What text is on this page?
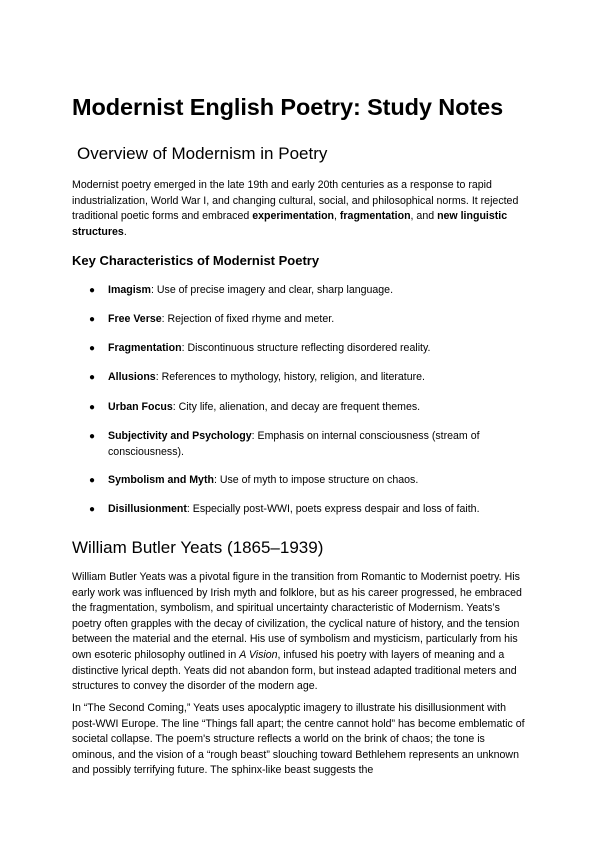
Modernist English Poetry: Study Notes
Overview of Modernism in Poetry

Modernist poetry emerged in the late 19th and early 20th centuries as a response to rapid industrialization, World War I, and changing cultural, social, and philosophical norms. It rejected traditional poetic forms and embraced experimentation, fragmentation, and new linguistic structures.

Key Characteristics of Modernist Poetry

● Imagism: Use of precise imagery and clear, sharp language.

● Free Verse: Rejection of fixed rhyme and meter.

● Fragmentation: Discontinuous structure reflecting disordered reality.

● Allusions: References to mythology, history, religion, and literature.

● Urban Focus: City life, alienation, and decay are frequent themes.

● Subjectivity and Psychology: Emphasis on internal consciousness (stream of consciousness).

● Symbolism and Myth: Use of myth to impose structure on chaos.

● Disillusionment: Especially post-WWI, poets express despair and loss of faith.

William Butler Yeats (1865–1939)

William Butler Yeats was a pivotal figure in the transition from Romantic to Modernist poetry. His early work was influenced by Irish myth and folklore, but as his career progressed, he embraced the fragmentation, symbolism, and spiritual uncertainty characteristic of Modernism. Yeats’s poetry often grapples with the decay of civilization, the cyclical nature of history, and the tension between the material and the eternal. His use of symbolism and mysticism, particularly from his own esoteric philosophy outlined in A Vision, infused his poetry with layers of meaning and a distinctive lyrical depth. Yeats did not abandon form, but instead adapted traditional meters and structures to convey the disorder of the modern age.

In “The Second Coming,” Yeats uses apocalyptic imagery to illustrate his disillusionment with post-WWI Europe. The line “Things fall apart; the centre cannot hold” has become emblematic of societal collapse. The poem's structure reflects a world on the brink of chaos; the tone is ominous, and the vision of a “rough beast” slouching toward Bethlehem represents an unknown and possibly terrifying future. The sphinx-like beast suggests the
